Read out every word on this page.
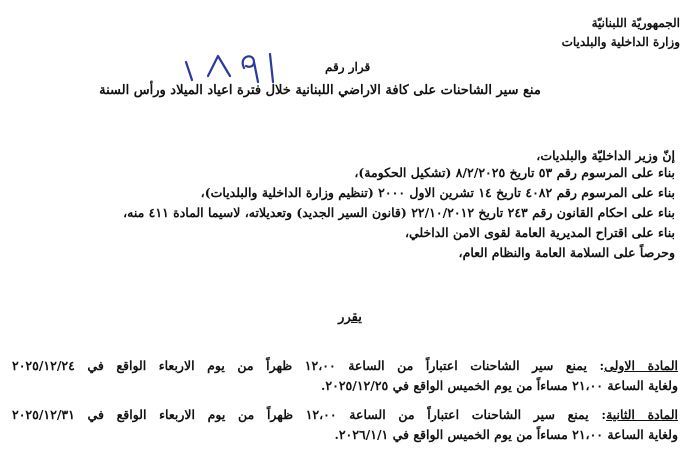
الجمهوريّة اللبنانيّة
وزارة الداخلية والبلديات
قرار رقم
منع سير الشاحنات على كافة الاراضي اللبنانية خلال فترة اعياد الميلاد ورأس السنة
إنّ وزير الداخليّة والبلديات،
بناء على المرسوم رقم ٥٣ تاريخ ٨/٢/٢٠٢٥ (تشكيل الحكومة)،
بناء على المرسوم رقم ٤٠٨٢ تاريخ ١٤ تشرين الاول ٢٠٠٠ (تنظيم وزارة الداخلية والبلديات)،
بناء على احكام القانون رقم ٢٤٣ تاريخ ٢٢/١٠/٢٠١٢ (قانون السير الجديد) وتعديلاته، لاسيما المادة ٤١١ منه،
بناء على اقتراح المديرية العامة لقوى الامن الداخلي،
وحرصاً على السلامة العامة والنظام العام،
يقرر
المادة الاولى: يمنع سير الشاحنات اعتباراً من الساعة ١٢،٠٠ ظهراً من يوم الاربعاء الواقع في ٢٠٢٥/١٢/٢٤
ولغاية الساعة ٢١،٠٠ مساءاً من يوم الخميس الواقع في ٢٠٢٥/١٢/٢٥.
المادة الثانية: يمنع سير الشاحنات اعتباراً من الساعة ١٢،٠٠ ظهراً من يوم الاربعاء الواقع في ٢٠٢٥/١٢/٣١
ولغاية الساعة ٢١،٠٠ مساءاً من يوم الخميس الواقع في ٢٠٢٦/١/١.
